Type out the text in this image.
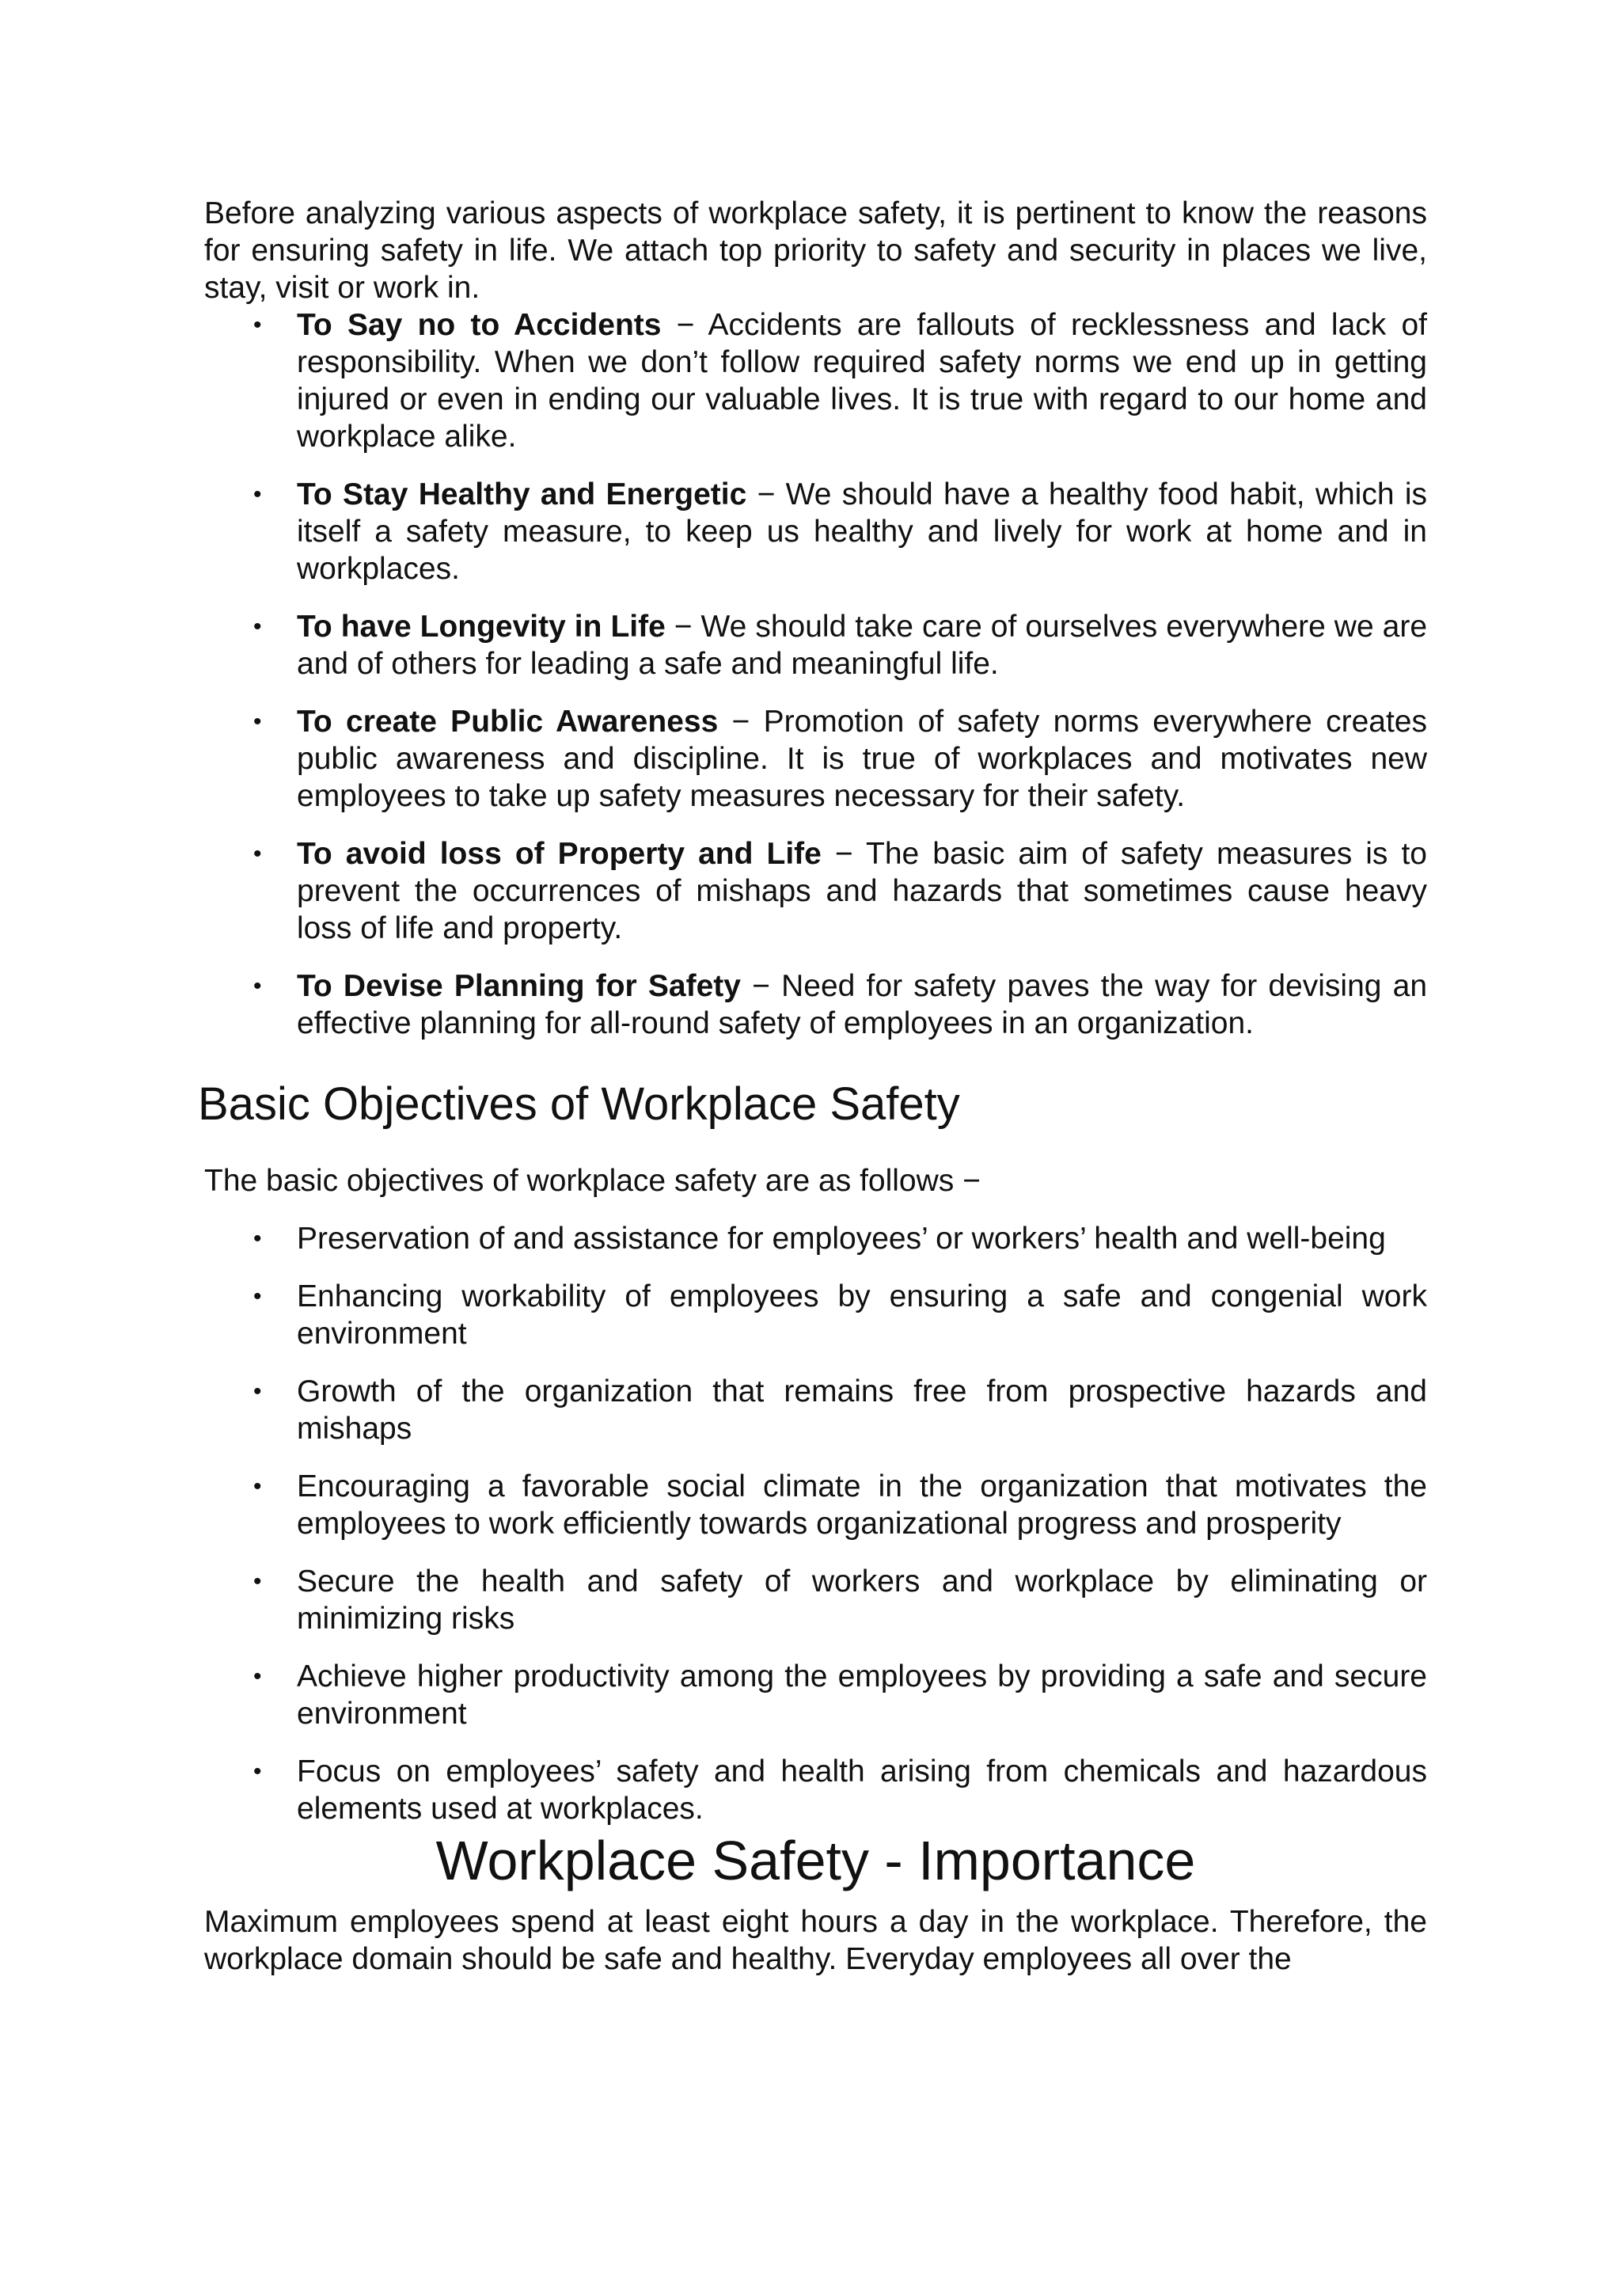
Before analyzing various aspects of workplace safety, it is pertinent to know the reasons for ensuring safety in life. We attach top priority to safety and security in places we live, stay, visit or work in.

• To Say no to Accidents − Accidents are fallouts of recklessness and lack of responsibility. When we don’t follow required safety norms we end up in getting injured or even in ending our valuable lives. It is true with regard to our home and workplace alike.
• To Stay Healthy and Energetic − We should have a healthy food habit, which is itself a safety measure, to keep us healthy and lively for work at home and in workplaces.
• To have Longevity in Life − We should take care of ourselves everywhere we are and of others for leading a safe and meaningful life.
• To create Public Awareness − Promotion of safety norms everywhere creates public awareness and discipline. It is true of workplaces and motivates new employees to take up safety measures necessary for their safety.
• To avoid loss of Property and Life − The basic aim of safety measures is to prevent the occurrences of mishaps and hazards that sometimes cause heavy loss of life and property.
• To Devise Planning for Safety − Need for safety paves the way for devising an effective planning for all-round safety of employees in an organization.
Basic Objectives of Workplace Safety

The basic objectives of workplace safety are as follows −

• Preservation of and assistance for employees’ or workers’ health and well-being
• Enhancing workability of employees by ensuring a safe and congenial work environment
• Growth of the organization that remains free from prospective hazards and mishaps
• Encouraging a favorable social climate in the organization that motivates the employees to work efficiently towards organizational progress and prosperity
• Secure the health and safety of workers and workplace by eliminating or minimizing risks
• Achieve higher productivity among the employees by providing a safe and secure environment
• Focus on employees’ safety and health arising from chemicals and hazardous elements used at workplaces.
Workplace Safety - Importance

Maximum employees spend at least eight hours a day in the workplace. Therefore, the workplace domain should be safe and healthy. Everyday employees all over the
